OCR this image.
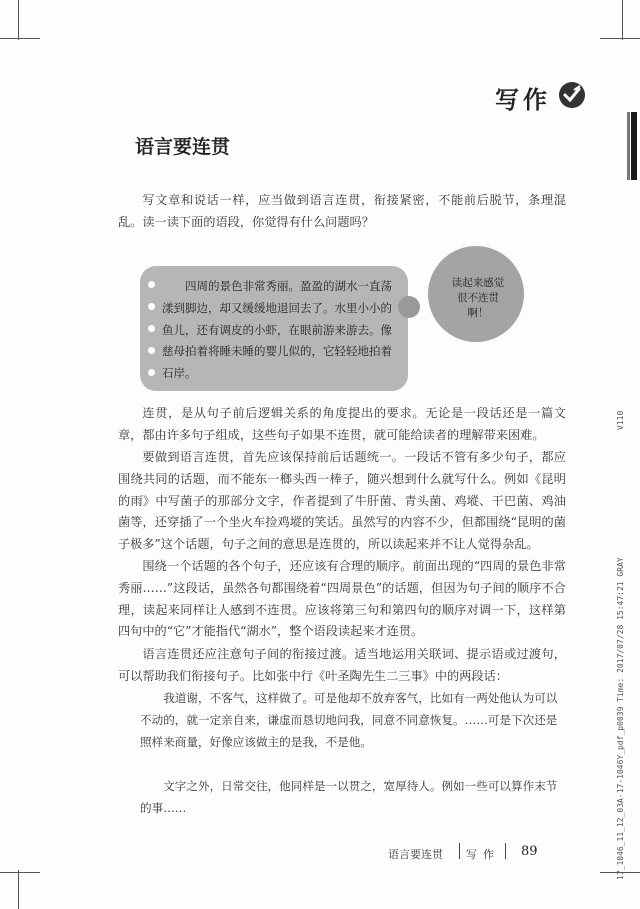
写作
语言要连贯

写文章和说话一样，应当做到语言连贯，衔接紧密，不能前后脱节，条理混乱。读一读下面的语段，你觉得有什么问题吗？

四周的景色非常秀丽。盈盈的湖水一直荡漾到脚边，却又缓缓地退回去了。水里小小的鱼儿，还有调皮的小虾，在眼前游来游去。像慈母拍着将睡未睡的婴儿似的，它轻轻地拍着石岸。

读起来感觉很不连贯啊！

连贯，是从句子前后逻辑关系的角度提出的要求。无论是一段话还是一篇文章，都由许多句子组成，这些句子如果不连贯，就可能给读者的理解带来困难。

要做到语言连贯，首先应该保持前后话题统一。一段话不管有多少句子，都应围绕共同的话题，而不能东一榔头西一棒子，随兴想到什么就写什么。例如《昆明的雨》中写菌子的那部分文字，作者提到了牛肝菌、青头菌、鸡㙡、干巴菌、鸡油菌等，还穿插了一个坐火车捡鸡㙡的笑话。虽然写的内容不少，但都围绕“昆明的菌子极多”这个话题，句子之间的意思是连贯的，所以读起来并不让人觉得杂乱。

围绕一个话题的各个句子，还应该有合理的顺序。前面出现的“四周的景色非常秀丽……”这段话，虽然各句都围绕着“四周景色”的话题，但因为句子间的顺序不合理，读起来同样让人感到不连贯。应该将第三句和第四句的顺序对调一下，这样第四句中的“它”才能指代“湖水”，整个语段读起来才连贯。

语言连贯还应注意句子间的衔接过渡。适当地运用关联词、提示语或过渡句，可以帮助我们衔接句子。比如张中行《叶圣陶先生二三事》中的两段话：

我道谢，不客气，这样做了。可是他却不放弃客气，比如有一两处他认为可以不动的，就一定亲自来，谦虚而恳切地问我，同意不同意恢复。……可是下次还是照样来商量，好像应该做主的是我，不是他。

文字之外，日常交往，他同样是一以贯之，宽厚待人。例如一些可以算作末节的事……

语言要连贯 写作 89
V110
17_1046_11_12_03A-17-1046Y_pdf_p0039 Time: 2017/07/28 15:47:21 GRAY
